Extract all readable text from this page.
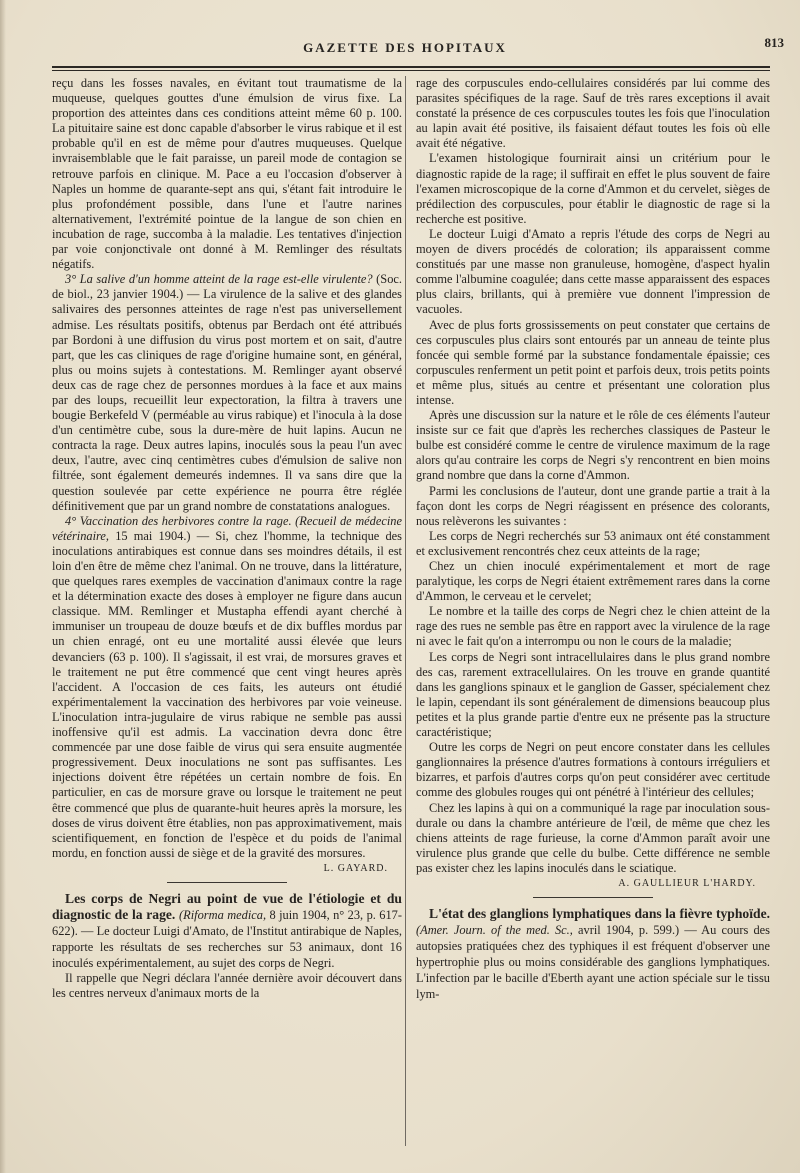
GAZETTE DES HOPITAUX	813

reçu dans les fosses navales, en évitant tout traumatisme de la muqueuse, quelques gouttes d'une émulsion de virus fixe. La proportion des atteintes dans ces conditions atteint même 60 p. 100. La pituitaire saine est donc capable d'absorber le virus rabique et il est probable qu'il en est de même pour d'autres muqueuses. Quelque invraisemblable que le fait paraisse, un pareil mode de contagion se retrouve parfois en clinique. M. Pace a eu l'occasion d'observer à Naples un homme de quarante-sept ans qui, s'étant fait introduire le plus profondément possible, dans l'une et l'autre narines alternativement, l'extrémité pointue de la langue de son chien en incubation de rage, succomba à la maladie. Les tentatives d'injection par voie conjonctivale ont donné à M. Remlinger des résultats négatifs.

3° La salive d'un homme atteint de la rage est-elle virulente? (Soc. de biol., 23 janvier 1904.) — La virulence de la salive et des glandes salivaires des personnes atteintes de rage n'est pas universellement admise. Les résultats positifs, obtenus par Berdach ont été attribués par Bordoni à une diffusion du virus post mortem et on sait, d'autre part, que les cas cliniques de rage d'origine humaine sont, en général, plus ou moins sujets à contestations. M. Remlinger ayant observé deux cas de rage chez de personnes mordues à la face et aux mains par des loups, recueillit leur expectoration, la filtra à travers une bougie Berkefeld V (perméable au virus rabique) et l'inocula à la dose d'un centimètre cube, sous la dure-mère de huit lapins. Aucun ne contracta la rage. Deux autres lapins, inoculés sous la peau l'un avec deux, l'autre, avec cinq centimètres cubes d'émulsion de salive non filtrée, sont également demeurés indemnes. Il va sans dire que la question soulevée par cette expérience ne pourra être réglée définitivement que par un grand nombre de constatations analogues.

4° Vaccination des herbivores contre la rage. (Recueil de médecine vétérinaire, 15 mai 1904.) — Si, chez l'homme, la technique des inoculations antirabiques est connue dans ses moindres détails, il est loin d'en être de même chez l'animal. On ne trouve, dans la littérature, que quelques rares exemples de vaccination d'animaux contre la rage et la détermination exacte des doses à employer ne figure dans aucun classique. MM. Remlinger et Mustapha effendi ayant cherché à immuniser un troupeau de douze bœufs et de dix buffles mordus par un chien enragé, ont eu une mortalité aussi élevée que leurs devanciers (63 p. 100). Il s'agissait, il est vrai, de morsures graves et le traitement ne put être commencé que cent vingt heures après l'accident. A l'occasion de ces faits, les auteurs ont étudié expérimentalement la vaccination des herbivores par voie veineuse. L'inoculation intra-jugulaire de virus rabique ne semble pas aussi inoffensive qu'il est admis. La vaccination devra donc être commencée par une dose faible de virus qui sera ensuite augmentée progressivement. Deux inoculations ne sont pas suffisantes. Les injections doivent être répétées un certain nombre de fois. En particulier, en cas de morsure grave ou lorsque le traitement ne peut être commencé que plus de quarante-huit heures après la morsure, les doses de virus doivent être établies, non pas approximativement, mais scientifiquement, en fonction de l'espèce et du poids de l'animal mordu, en fonction aussi de siège et de la gravité des morsures.

L. GAYARD.

Les corps de Negri au point de vue de l'étiologie et du diagnostic de la rage. (Riforma medica, 8 juin 1904, n° 23, p. 617-622). — Le docteur Luigi d'Amato, de l'Institut antirabique de Naples, rapporte les résultats de ses recherches sur 53 animaux, dont 16 inoculés expérimentalement, au sujet des corps de Negri.

Il rappelle que Negri déclara l'année dernière avoir découvert dans les centres nerveux d'animaux morts de la

rage des corpuscules endo-cellulaires considérés par lui comme des parasites spécifiques de la rage. Sauf de très rares exceptions il avait constaté la présence de ces corpuscules toutes les fois que l'inoculation au lapin avait été positive, ils faisaient défaut toutes les fois où elle avait été négative.

L'examen histologique fournirait ainsi un critérium pour le diagnostic rapide de la rage; il suffirait en effet le plus souvent de faire l'examen microscopique de la corne d'Ammon et du cervelet, sièges de prédilection des corpuscules, pour établir le diagnostic de rage si la recherche est positive.

Le docteur Luigi d'Amato a repris l'étude des corps de Negri au moyen de divers procédés de coloration; ils apparaissent comme constitués par une masse non granuleuse, homogène, d'aspect hyalin comme l'albumine coagulée; dans cette masse apparaissent des espaces plus clairs, brillants, qui à première vue donnent l'impression de vacuoles.

Avec de plus forts grossissements on peut constater que certains de ces corpuscules plus clairs sont entourés par un anneau de teinte plus foncée qui semble formé par la substance fondamentale épaissie; ces corpuscules renferment un petit point et parfois deux, trois petits points et même plus, situés au centre et présentant une coloration plus intense.

Après une discussion sur la nature et le rôle de ces éléments l'auteur insiste sur ce fait que d'après les recherches classiques de Pasteur le bulbe est considéré comme le centre de virulence maximum de la rage alors qu'au contraire les corps de Negri s'y rencontrent en bien moins grand nombre que dans la corne d'Ammon.

Parmi les conclusions de l'auteur, dont une grande partie a trait à la façon dont les corps de Negri réagissent en présence des colorants, nous relèverons les suivantes :

Les corps de Negri recherchés sur 53 animaux ont été constamment et exclusivement rencontrés chez ceux atteints de la rage;

Chez un chien inoculé expérimentalement et mort de rage paralytique, les corps de Negri étaient extrêmement rares dans la corne d'Ammon, le cerveau et le cervelet;

Le nombre et la taille des corps de Negri chez le chien atteint de la rage des rues ne semble pas être en rapport avec la virulence de la rage ni avec le fait qu'on a interrompu ou non le cours de la maladie;

Les corps de Negri sont intracellulaires dans le plus grand nombre des cas, rarement extracellulaires. On les trouve en grande quantité dans les ganglions spinaux et le ganglion de Gasser, spécialement chez le lapin, cependant ils sont généralement de dimensions beaucoup plus petites et la plus grande partie d'entre eux ne présente pas la structure caractéristique;

Outre les corps de Negri on peut encore constater dans les cellules ganglionnaires la présence d'autres formations à contours irréguliers et bizarres, et parfois d'autres corps qu'on peut considérer avec certitude comme des globules rouges qui ont pénétré à l'intérieur des cellules;

Chez les lapins à qui on a communiqué la rage par inoculation sous-durale ou dans la chambre antérieure de l'œil, de même que chez les chiens atteints de rage furieuse, la corne d'Ammon paraît avoir une virulence plus grande que celle du bulbe. Cette différence ne semble pas exister chez les lapins inoculés dans le sciatique.

A. GAULLIEUR L'HARDY.

L'état des glanglions lymphatiques dans la fièvre typhoïde. (Amer. Journ. of the med. Sc., avril 1904, p. 599.) — Au cours des autopsies pratiquées chez des typhiques il est fréquent d'observer une hypertrophie plus ou moins considérable des ganglions lymphatiques. L'infection par le bacille d'Eberth ayant une action spéciale sur le tissu lym-
